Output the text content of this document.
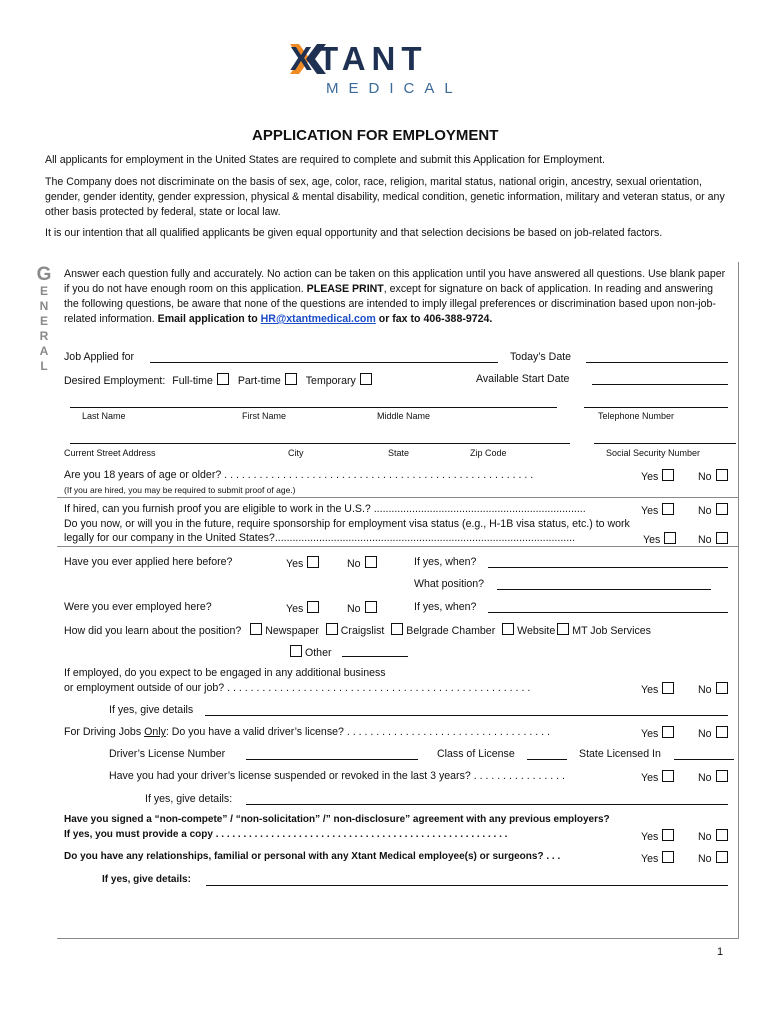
XTANT
MEDICAL
APPLICATION FOR EMPLOYMENT
All applicants for employment in the United States are required to complete and submit this Application for Employment.
The Company does not discriminate on the basis of sex, age, color, race, religion, marital status, national origin, ancestry, sexual orientation, gender, gender identity, gender expression, physical & mental disability, medical condition, genetic information, military and veteran status, or any other basis protected by federal, state or local law.
It is our intention that all qualified applicants be given equal opportunity and that selection decisions be based on job-related factors.
G
E
N
E
R
A
L
Answer each question fully and accurately. No action can be taken on this application until you have answered all questions. Use blank paper if you do not have enough room on this application. PLEASE PRINT, except for signature on back of application. In reading and answering the following questions, be aware that none of the questions are intended to imply illegal preferences or discrimination based upon non-job-related information. Email application to HR@xtantmedical.com or fax to 406-388-9724.
Job Applied for	Today’s Date
Desired Employment: Full-time Part-time Temporary	Available Start Date
Last Name	First Name	Middle Name	Telephone Number
Current Street Address	City	State	Zip Code	Social Security Number
Are you 18 years of age or older? . . . . . . . . . . . . . . . . . . . . . . . . . . . . . . . . . . . . . . . . . . . . . . . . . . . . .	Yes	No
(If you are hired, you may be required to submit proof of age.)
If hired, can you furnish proof you are eligible to work in the U.S.? ........................................................................	Yes	No
Do you now, or will you in the future, require sponsorship for employment visa status (e.g., H-1B visa status, etc.) to work
legally for our company in the United States?......................................................................................................	Yes	No
Have you ever applied here before?	Yes	No	If yes, when?
What position?
Were you ever employed here?	Yes	No	If yes, when?
How did you learn about the position? Newspaper Craigslist Belgrade Chamber Website MT Job Services
Other
If employed, do you expect to be engaged in any additional business
or employment outside of our job? . . . . . . . . . . . . . . . . . . . . . . . . . . . . . . . . . . . . . . . . . . . . . . . . . . . .	Yes	No
If yes, give details
For Driving Jobs Only: Do you have a valid driver’s license? . . . . . . . . . . . . . . . . . . . . . . . . . . . . . . . . . . .	Yes	No
Driver’s License Number	Class of License	State Licensed In
Have you had your driver’s license suspended or revoked in the last 3 years? . . . . . . . . . . . . . . . .	Yes	No
If yes, give details:
Have you signed a “non-compete” / “non-solicitation” /” non-disclosure” agreement with any previous employers?
If yes, you must provide a copy . . . . . . . . . . . . . . . . . . . . . . . . . . . . . . . . . . . . . . . . . . . . . . . . . . . . .	Yes	No
Do you have any relationships, familial or personal with any Xtant Medical employee(s) or surgeons? . . .	Yes	No
If yes, give details:
1
